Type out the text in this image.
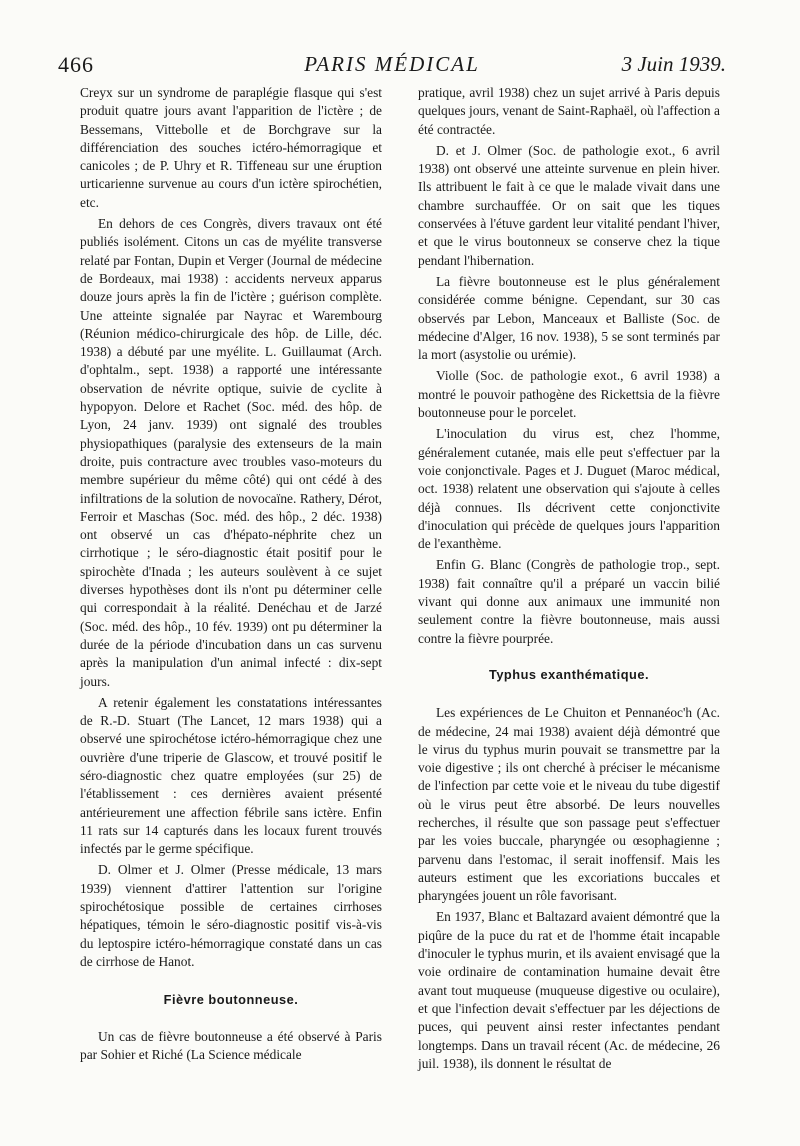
466	PARIS MÉDICAL	3 Juin 1939.

Creyx sur un syndrome de paraplégie flasque qui s'est produit quatre jours avant l'apparition de l'ictère ; de Bessemans, Vittebolle et de Borchgrave sur la différenciation des souches ictéro-hémorragique et canicoles ; de P. Uhry et R. Tiffeneau sur une éruption urticarienne survenue au cours d'un ictère spirochétien, etc.

En dehors de ces Congrès, divers travaux ont été publiés isolément. Citons un cas de myélite transverse relaté par Fontan, Dupin et Verger (Journal de médecine de Bordeaux, mai 1938) : accidents nerveux apparus douze jours après la fin de l'ictère ; guérison complète. Une atteinte signalée par Nayrac et Warembourg (Réunion médico-chirurgicale des hôp. de Lille, déc. 1938) a débuté par une myélite. L. Guillaumat (Arch. d'ophtalm., sept. 1938) a rapporté une intéressante observation de névrite optique, suivie de cyclite à hypopyon. Delore et Rachet (Soc. méd. des hôp. de Lyon, 24 janv. 1939) ont signalé des troubles physiopathiques (paralysie des extenseurs de la main droite, puis contracture avec troubles vaso-moteurs du membre supérieur du même côté) qui ont cédé à des infiltrations de la solution de novocaïne. Rathery, Dérot, Ferroir et Maschas (Soc. méd. des hôp., 2 déc. 1938) ont observé un cas d'hépato-néphrite chez un cirrhotique ; le séro-diagnostic était positif pour le spirochète d'Inada ; les auteurs soulèvent à ce sujet diverses hypothèses dont ils n'ont pu déterminer celle qui correspondait à la réalité. Denéchau et de Jarzé (Soc. méd. des hôp., 10 fév. 1939) ont pu déterminer la durée de la période d'incubation dans un cas survenu après la manipulation d'un animal infecté : dix-sept jours.

A retenir également les constatations intéressantes de R.-D. Stuart (The Lancet, 12 mars 1938) qui a observé une spirochétose ictéro-hémorragique chez une ouvrière d'une triperie de Glascow, et trouvé positif le séro-diagnostic chez quatre employées (sur 25) de l'établissement : ces dernières avaient présenté antérieurement une affection fébrile sans ictère. Enfin 11 rats sur 14 capturés dans les locaux furent trouvés infectés par le germe spécifique.

D. Olmer et J. Olmer (Presse médicale, 13 mars 1939) viennent d'attirer l'attention sur l'origine spirochétosique possible de certaines cirrhoses hépatiques, témoin le séro-diagnostic positif vis-à-vis du leptospire ictéro-hémorragique constaté dans un cas de cirrhose de Hanot.

Fièvre boutonneuse.

Un cas de fièvre boutonneuse a été observé à Paris par Sohier et Riché (La Science médicale

pratique, avril 1938) chez un sujet arrivé à Paris depuis quelques jours, venant de Saint-Raphaël, où l'affection a été contractée.

D. et J. Olmer (Soc. de pathologie exot., 6 avril 1938) ont observé une atteinte survenue en plein hiver. Ils attribuent le fait à ce que le malade vivait dans une chambre surchauffée. Or on sait que les tiques conservées à l'étuve gardent leur vitalité pendant l'hiver, et que le virus boutonneux se conserve chez la tique pendant l'hibernation.

La fièvre boutonneuse est le plus généralement considérée comme bénigne. Cependant, sur 30 cas observés par Lebon, Manceaux et Balliste (Soc. de médecine d'Alger, 16 nov. 1938), 5 se sont terminés par la mort (asystolie ou urémie).

Violle (Soc. de pathologie exot., 6 avril 1938) a montré le pouvoir pathogène des Rickettsia de la fièvre boutonneuse pour le porcelet.

L'inoculation du virus est, chez l'homme, généralement cutanée, mais elle peut s'effectuer par la voie conjonctivale. Pages et J. Duguet (Maroc médical, oct. 1938) relatent une observation qui s'ajoute à celles déjà connues. Ils décrivent cette conjonctivite d'inoculation qui précède de quelques jours l'apparition de l'exanthème.

Enfin G. Blanc (Congrès de pathologie trop., sept. 1938) fait connaître qu'il a préparé un vaccin bilié vivant qui donne aux animaux une immunité non seulement contre la fièvre boutonneuse, mais aussi contre la fièvre pourprée.

Typhus exanthématique.

Les expériences de Le Chuiton et Pennanéoc'h (Ac. de médecine, 24 mai 1938) avaient déjà démontré que le virus du typhus murin pouvait se transmettre par la voie digestive ; ils ont cherché à préciser le mécanisme de l'infection par cette voie et le niveau du tube digestif où le virus peut être absorbé. De leurs nouvelles recherches, il résulte que son passage peut s'effectuer par les voies buccale, pharyngée ou œsophagienne ; parvenu dans l'estomac, il serait inoffensif. Mais les auteurs estiment que les excoriations buccales et pharyngées jouent un rôle favorisant.

En 1937, Blanc et Baltazard avaient démontré que la piqûre de la puce du rat et de l'homme était incapable d'inoculer le typhus murin, et ils avaient envisagé que la voie ordinaire de contamination humaine devait être avant tout muqueuse (muqueuse digestive ou oculaire), et que l'infection devait s'effectuer par les déjections de puces, qui peuvent ainsi rester infectantes pendant longtemps. Dans un travail récent (Ac. de médecine, 26 juil. 1938), ils donnent le résultat de
